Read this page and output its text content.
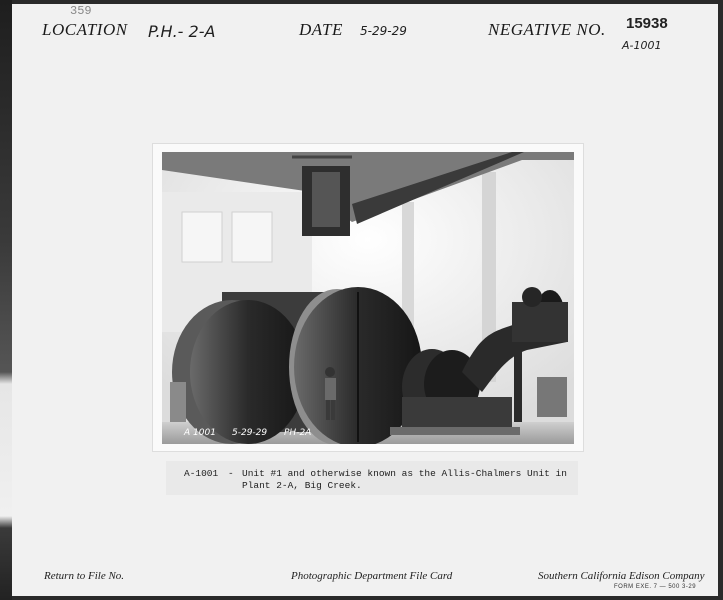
359
LOCATION P.H.- 2-A	DATE 5-29-29	NEGATIVE NO. 15938
A-1001
Return to File No.	Photographic Department File Card	Southern California Edison Company
FORM EXE. 7 — 500 3-29
A 1001 5-29-29 PH-2A
A-1001 - Unit #1 and otherwise known as the Allis-Chalmers Unit in
Plant 2-A, Big Creek.
